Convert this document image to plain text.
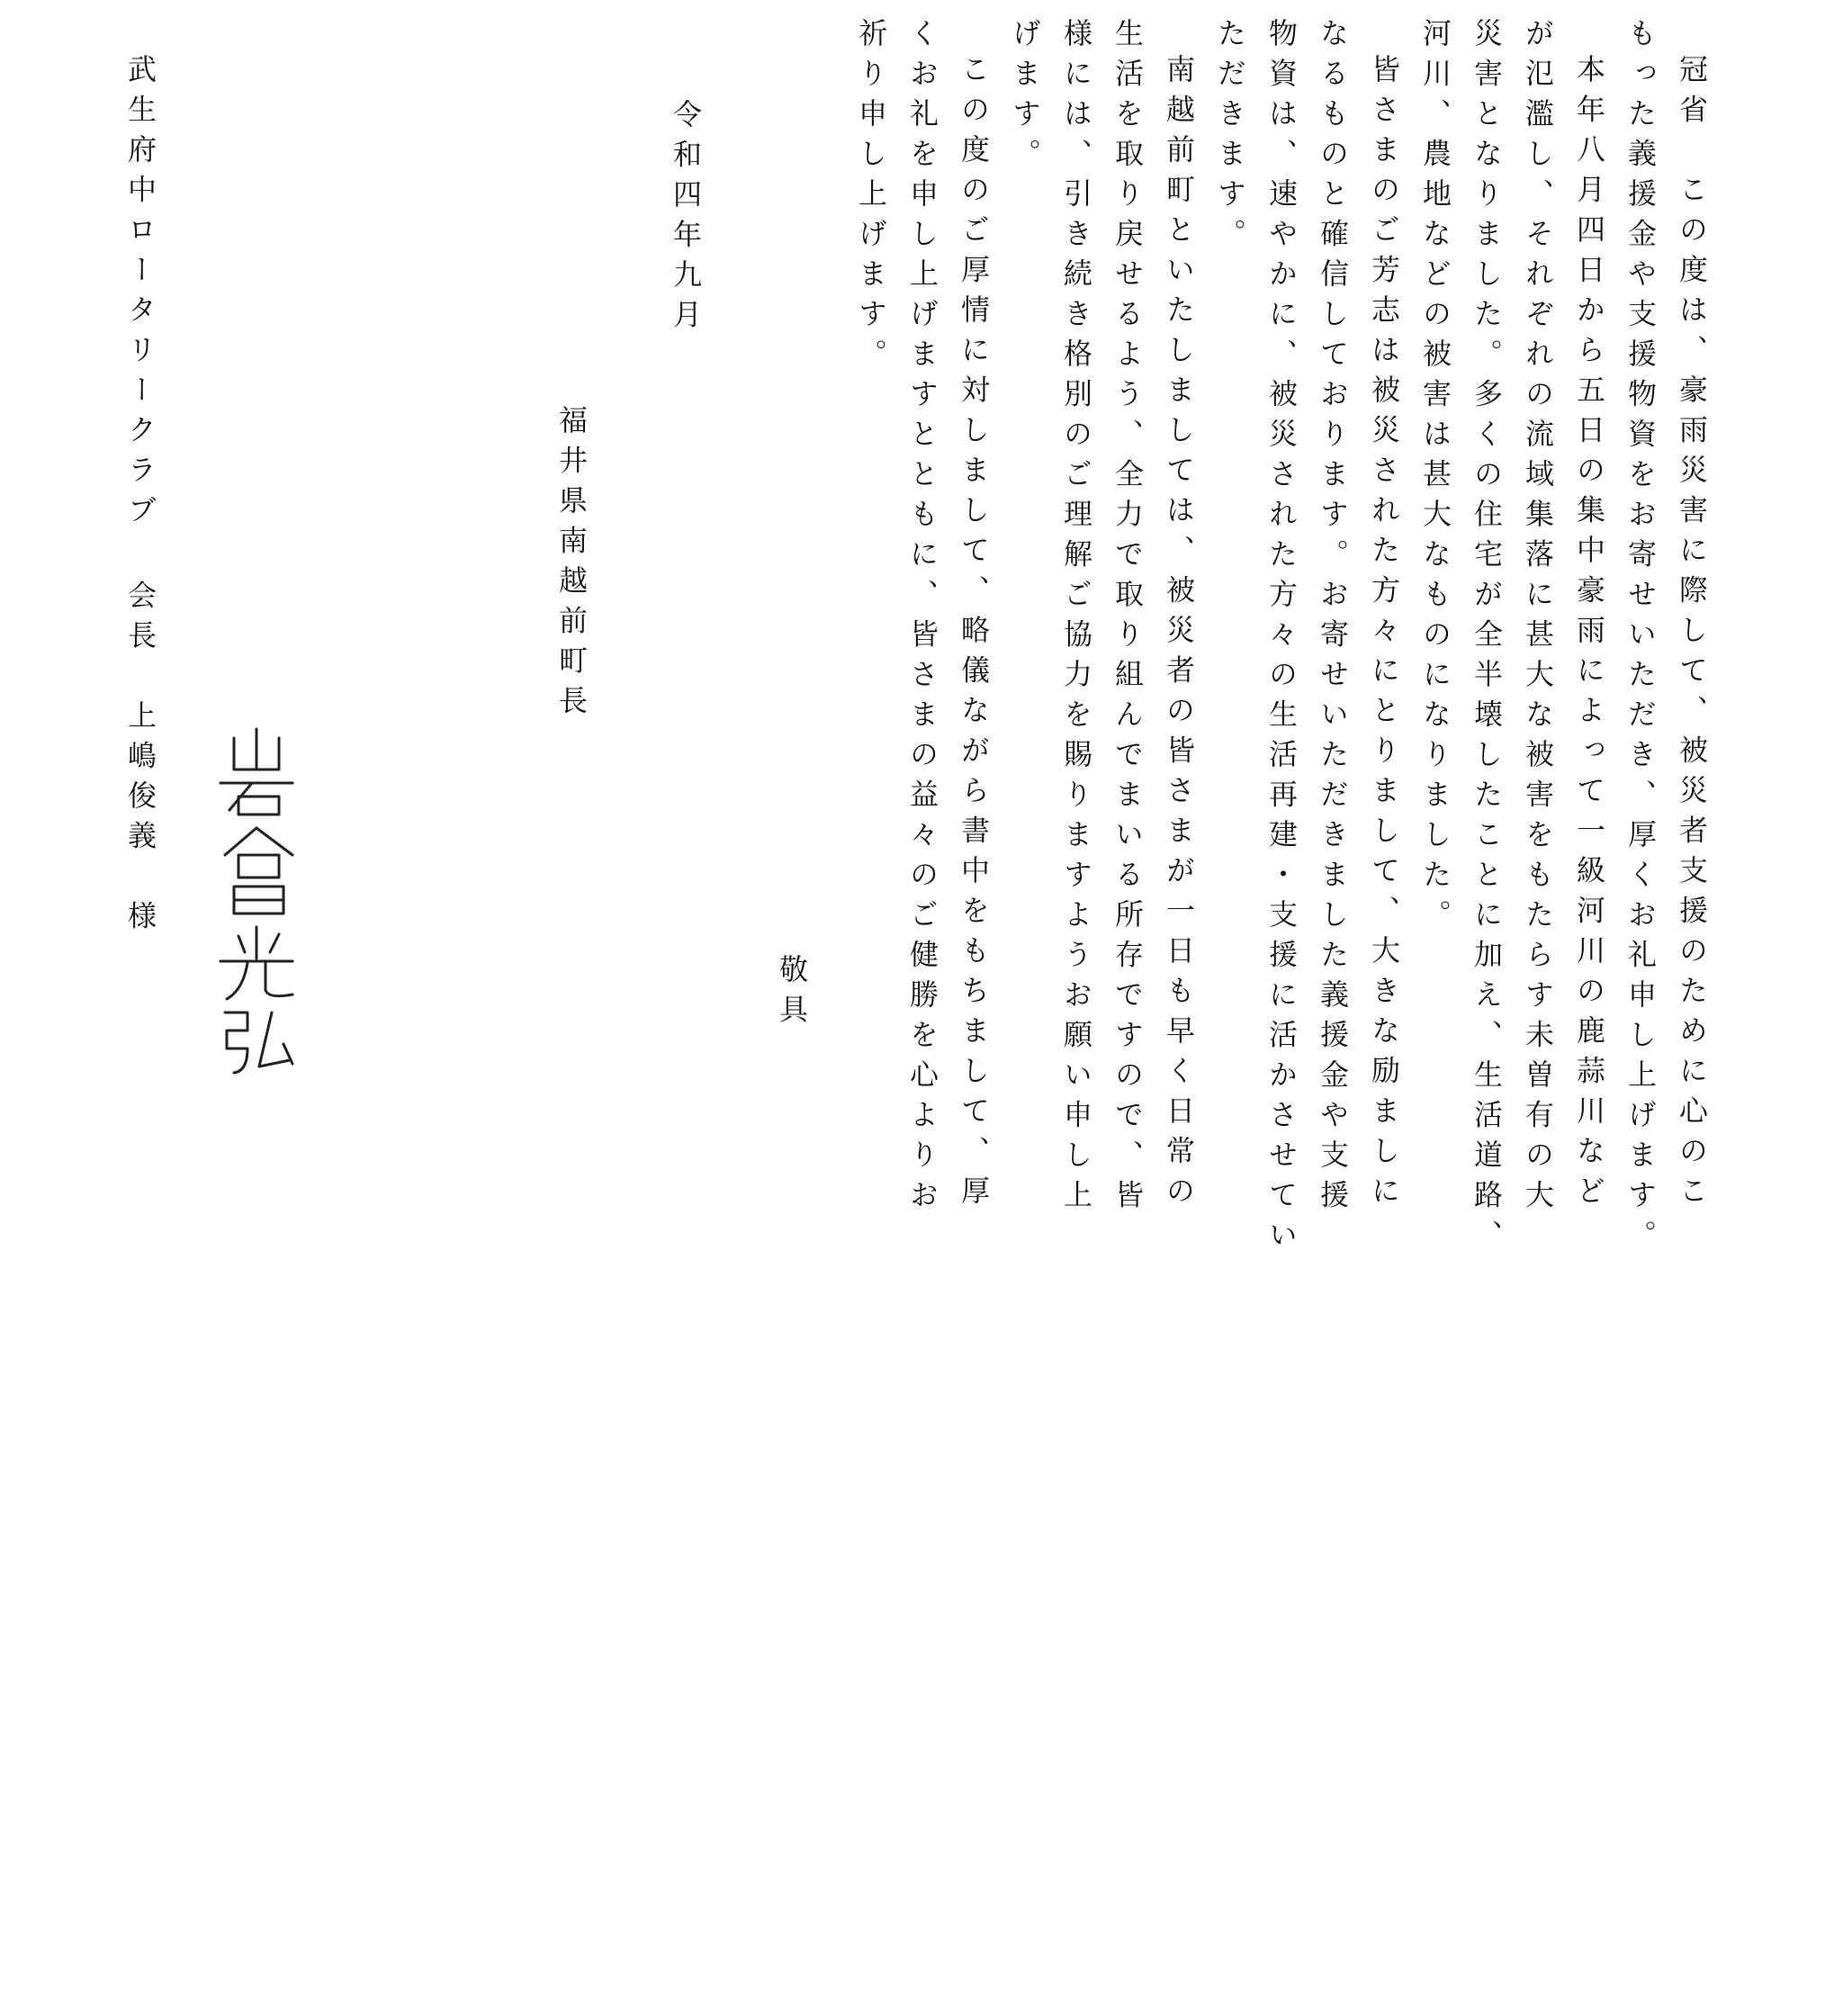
冠省　この度は、豪雨災害に際して、被災者支援のために心のこ
もった義援金や支援物資をお寄せいただき、厚くお礼申し上げます。
本年八月四日から五日の集中豪雨によって一級河川の鹿蒜川など
が氾濫し、それぞれの流域集落に甚大な被害をもたらす未曽有の大
災害となりました。多くの住宅が全半壊したことに加え、生活道路、
河川、農地などの被害は甚大なものになりました。
皆さまのご芳志は被災された方々にとりまして、大きな励ましに
なるものと確信しております。お寄せいただきました義援金や支援
物資は、速やかに、被災された方々の生活再建・支援に活かさせてい
ただきます。
南越前町といたしましては、被災者の皆さまが一日も早く日常の
生活を取り戻せるよう、全力で取り組んでまいる所存ですので、皆
様には、引き続き格別のご理解ご協力を賜りますようお願い申し上
げます。
この度のご厚情に対しまして、略儀ながら書中をもちまして、厚
くお礼を申し上げますとともに、皆さまの益々のご健勝を心よりお
祈り申し上げます。
敬具
令和四年九月
福井県南越前町長
武生府中ロータリークラブ 会長　上嶋俊義　様
